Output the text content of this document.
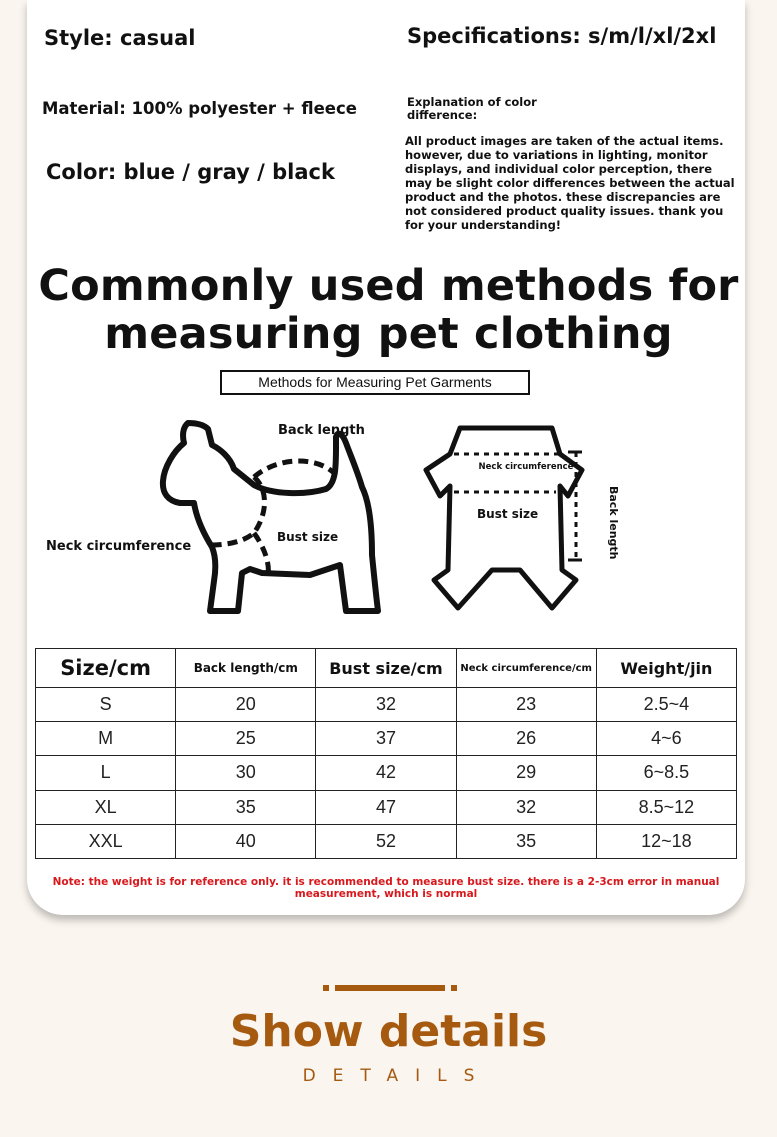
Style: casual	Specifications: s/m/l/xl/2xl
Material: 100% polyester + fleece
Color: blue / gray / black
Explanation of color difference:
All product images are taken of the actual items. however, due to variations in lighting, monitor displays, and individual color perception, there may be slight color differences between the actual product and the photos. these discrepancies are not considered product quality issues. thank you for your understanding!
Commonly used methods for
measuring pet clothing
Methods for Measuring Pet Garments
Back length
Neck circumference
Bust size
Neck circumference
Bust size	Back length
Size/cm	Back length/cm	Bust size/cm	Neck circumference/cm	Weight/jin
S	20	32	23	2.5~4
M	25	37	26	4~6
L	30	42	29	6~8.5
XL	35	47	32	8.5~12
XXL	40	52	35	12~18
Note: the weight is for reference only. it is recommended to measure bust size. there is a 2-3cm error in manual measurement, which is normal
Show details
DETAILS
